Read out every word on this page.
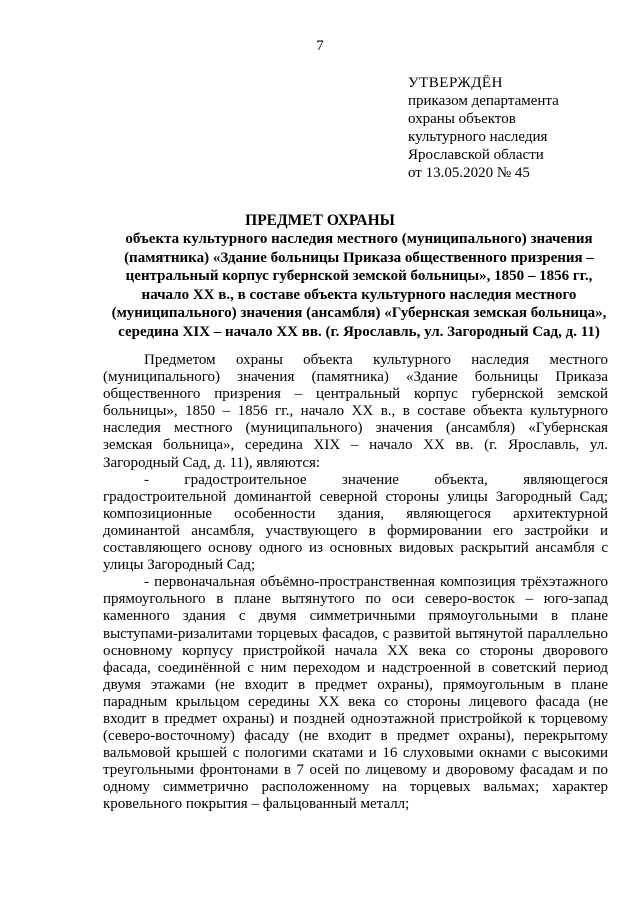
7
УТВЕРЖДЁН
приказом департамента
охраны объектов
культурного наследия
Ярославской области
от 13.05.2020 № 45
ПРЕДМЕТ ОХРАНЫ
объекта культурного наследия местного (муниципального) значения
(памятника) «Здание больницы Приказа общественного призрения –
центральный корпус губернской земской больницы», 1850 – 1856 гг.,
начало XX в., в составе объекта культурного наследия местного
(муниципального) значения (ансамбля) «Губернская земская больница»,
середина XIX – начало XX вв. (г. Ярославль, ул. Загородный Сад, д. 11)

Предметом охраны объекта культурного наследия местного (муниципального) значения (памятника) «Здание больницы Приказа общественного призрения – центральный корпус губернской земской больницы», 1850 – 1856 гг., начало XX в., в составе объекта культурного наследия местного (муниципального) значения (ансамбля) «Губернская земская больница», середина XIX – начало XX вв. (г. Ярославль, ул. Загородный Сад, д. 11), являются:

- градостроительное значение объекта, являющегося градостроительной доминантой северной стороны улицы Загородный Сад; композиционные особенности здания, являющегося архитектурной доминантой ансамбля, участвующего в формировании его застройки и составляющего основу одного из основных видовых раскрытий ансамбля с улицы Загородный Сад;

- первоначальная объёмно-пространственная композиция трёхэтажного прямоугольного в плане вытянутого по оси северо-восток – юго-запад каменного здания с двумя симметричными прямоугольными в плане выступами-ризалитами торцевых фасадов, с развитой вытянутой параллельно основному корпусу пристройкой начала XX века со стороны дворового фасада, соединённой с ним переходом и надстроенной в советский период двумя этажами (не входит в предмет охраны), прямоугольным в плане парадным крыльцом середины XX века со стороны лицевого фасада (не входит в предмет охраны) и поздней одноэтажной пристройкой к торцевому (северо-восточному) фасаду (не входит в предмет охраны), перекрытому вальмовой крышей с пологими скатами и 16 слуховыми окнами с высокими треугольными фронтонами в 7 осей по лицевому и дворовому фасадам и по одному симметрично расположенному на торцевых вальмах; характер кровельного покрытия – фальцованный металл;
